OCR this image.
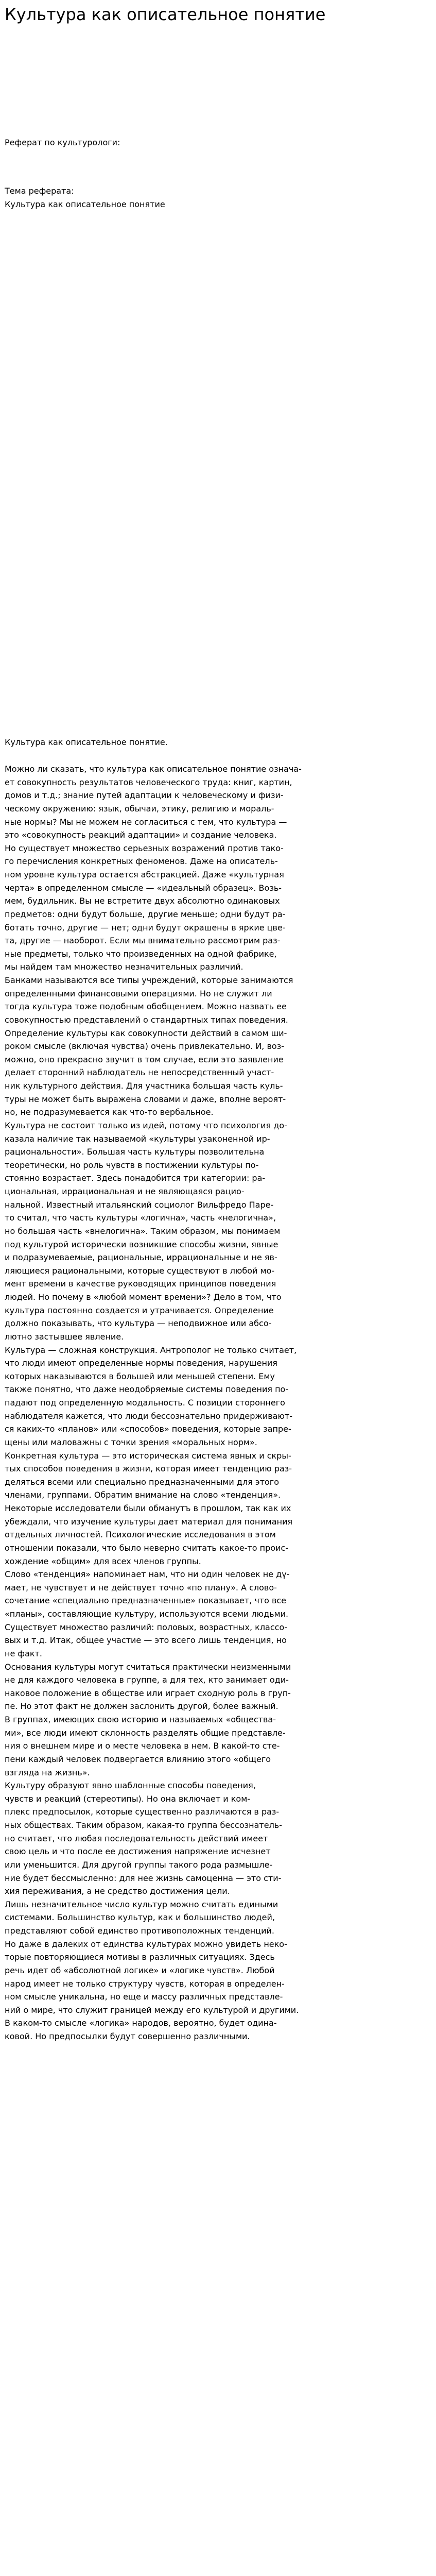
Культура как описательное понятие

Реферат по культурологи:

Тема реферата:

Культура как описательное понятие

Культура как описательное понятие.

Можно ли сказать, что культура как описательное понятие означа-

ет совокупность результатов человеческого труда: книг, картин,

домов и т.д.; знание путей адаптации к человеческому и физи-

ческому окружению: язык, обычаи, этику, религию и мораль-

ные нормы? Мы не можем не согласиться с тем, что культура —

это «совокупность реакций адаптации» и создание человека.

Но существует множество серьезных возражений против тако-

го перечисления конкретных феноменов. Даже на описатель-

ном уровне культура остается абстракцией. Даже «культурная

черта» в определенном смысле — «идеальный образец». Возь-

мем, будильник. Вы не встретите двух абсолютно одинаковых

предметов: одни будут больше, другие меньше; одни будут ра-

ботать точно, другие — нет; одни будут окрашены в яркие цве-

та, другие — наоборот. Если мы внимательно рассмотрим раз-

ные предметы, только что произведенных на одной фабрике,

мы найдем там множество незначительных различий.

Банками называются все типы учреждений, которые занимаются

определенными финансовыми операциями. Но не служит ли

тогда культура тоже подобным обобщением. Можно назвать ее

совокупностью представлений о стандартных типах поведения.

Определение культуры как совокупности действий в самом ши-

роком смысле (включая чувства) очень привлекательно. И, воз-

можно, оно прекрасно звучит в том случае, если это заявление

делает сторонний наблюдатель не непосредственный участ-

ник культурного действия. Для участника большая часть куль-

туры не может быть выражена словами и даже, вполне вероят-

но, не подразумевается как что-то вербальное.

Культура не состоит только из идей, потому что психология до-

казала наличие так называемой «культуры узаконенной ир-

рациональности». Большая часть культуры позволительна

теоретически, но роль чувств в постижении культуры по-

стоянно возрастает. Здесь понадобится три категории: ра-

циональная, иррациональная и не являющаяся рацио-

нальной. Известный итальянский социолог Вильфредо Паре-

то считал, что часть культуры «логична», часть «нелогична»,

но большая часть «внелогична». Таким образом, мы понимаем

под культурой исторически возникшие способы жизни, явные

и подразумеваемые, рациональные, иррациональные и не яв-

ляющиеся рациональными, которые существуют в любой мо-

мент времени в качестве руководящих принципов поведения

людей. Но почему в «любой момент времени»? Дело в том, что

культура постоянно создается и утрачивается. Определение

должно показывать, что культура — неподвижное или абсо-

лютно застывшее явление.

Культура — сложная конструкция. Антрополог не только считает,

что люди имеют определенные нормы поведения, нарушения

которых наказываются в большей или меньшей степени. Ему

также понятно, что даже неодобряемые системы поведения по-

падают под определенную модальность. С позиции стороннего

наблюдателя кажется, что люди бессознательно придерживают-

ся каких-то «планов» или «способов» поведения, которые запре-

щены или маловажны с точки зрения «моральных норм».

Конкретная культура — это историческая система явных и скры-

тых способов поведения в жизни, которая имеет тенденцию раз-

деляться всеми или специально предназначенными для этого

членами, группами. Обратим внимание на слово «тенденция».

Некоторые исследователи были обманутъ в прошлом, так как их

убеждали, что изучение культуры дает материал для понимания

отдельных личностей. Психологические исследования в этом

отношении показали, что было неверно считать какое-то проис-

хождение «общим» для всех членов группы.

Слово «тенденция» напоминает нам, что ни один человек не дү-

мает, не чувствует и не действует точно «по плану». А слово-

сочетание «специально предназначенные» показывает, что все

«планы», составляющие культуру, используются всеми людьми.

Существует множество различий: половых, возрастных, классо-

вых и т.д. Итак, общее участие — это всего лишь тенденция, но

не факт.

Основания культуры могут считаться практически неизменными

не для каждого человека в группе, а для тех, кто занимает оди-

наковое положение в обществе или играет сходную роль в груп-

пе. Но этот факт не должен заслонить другой, более важный.

В группах, имеющих свою историю и называемых «общества-

ми», все люди имеют склонность разделять общие представле-

ния о внешнем мире и о месте человека в нем. В какой-то сте-

пени каждый человек подвергается влиянию этого «общего

взгляда на жизнь».

Культуру образуют явно шаблонные способы поведения,

чувств и реакций (стереотипы). Но она включает и ком-

плекс предпосылок, которые существенно различаются в раз-

ных обществах. Таким образом, какая-то группа бессознатель-

но считает, что любая последовательность действий имеет

свою цель и что после ее достижения напряжение исчезнет

или уменьшится. Для другой группы такого рода размышле-

ние будет бессмысленно: для нее жизнь самоценна — это сти-

хия переживания, а не средство достижения цели.

Лишь незначительное число культур можно считать едиными

системами. Большинство культур, как и большинство людей,

представляют собой единство противоположных тенденций.

Но даже в далеких от единства культурах можно увидеть неко-

торые повторяющиеся мотивы в различных ситуациях. Здесь

речь идет об «абсолютной логике» и «логике чувств». Любой

народ имеет не только структуру чувств, которая в определен-

ном смысле уникальна, но еще и массу различных представле-

ний о мире, что служит границей между его культурой и другими.

В каком-то смысле «логика» народов, вероятно, будет одина-

ковой. Но предпосылки будут совершенно различными.
